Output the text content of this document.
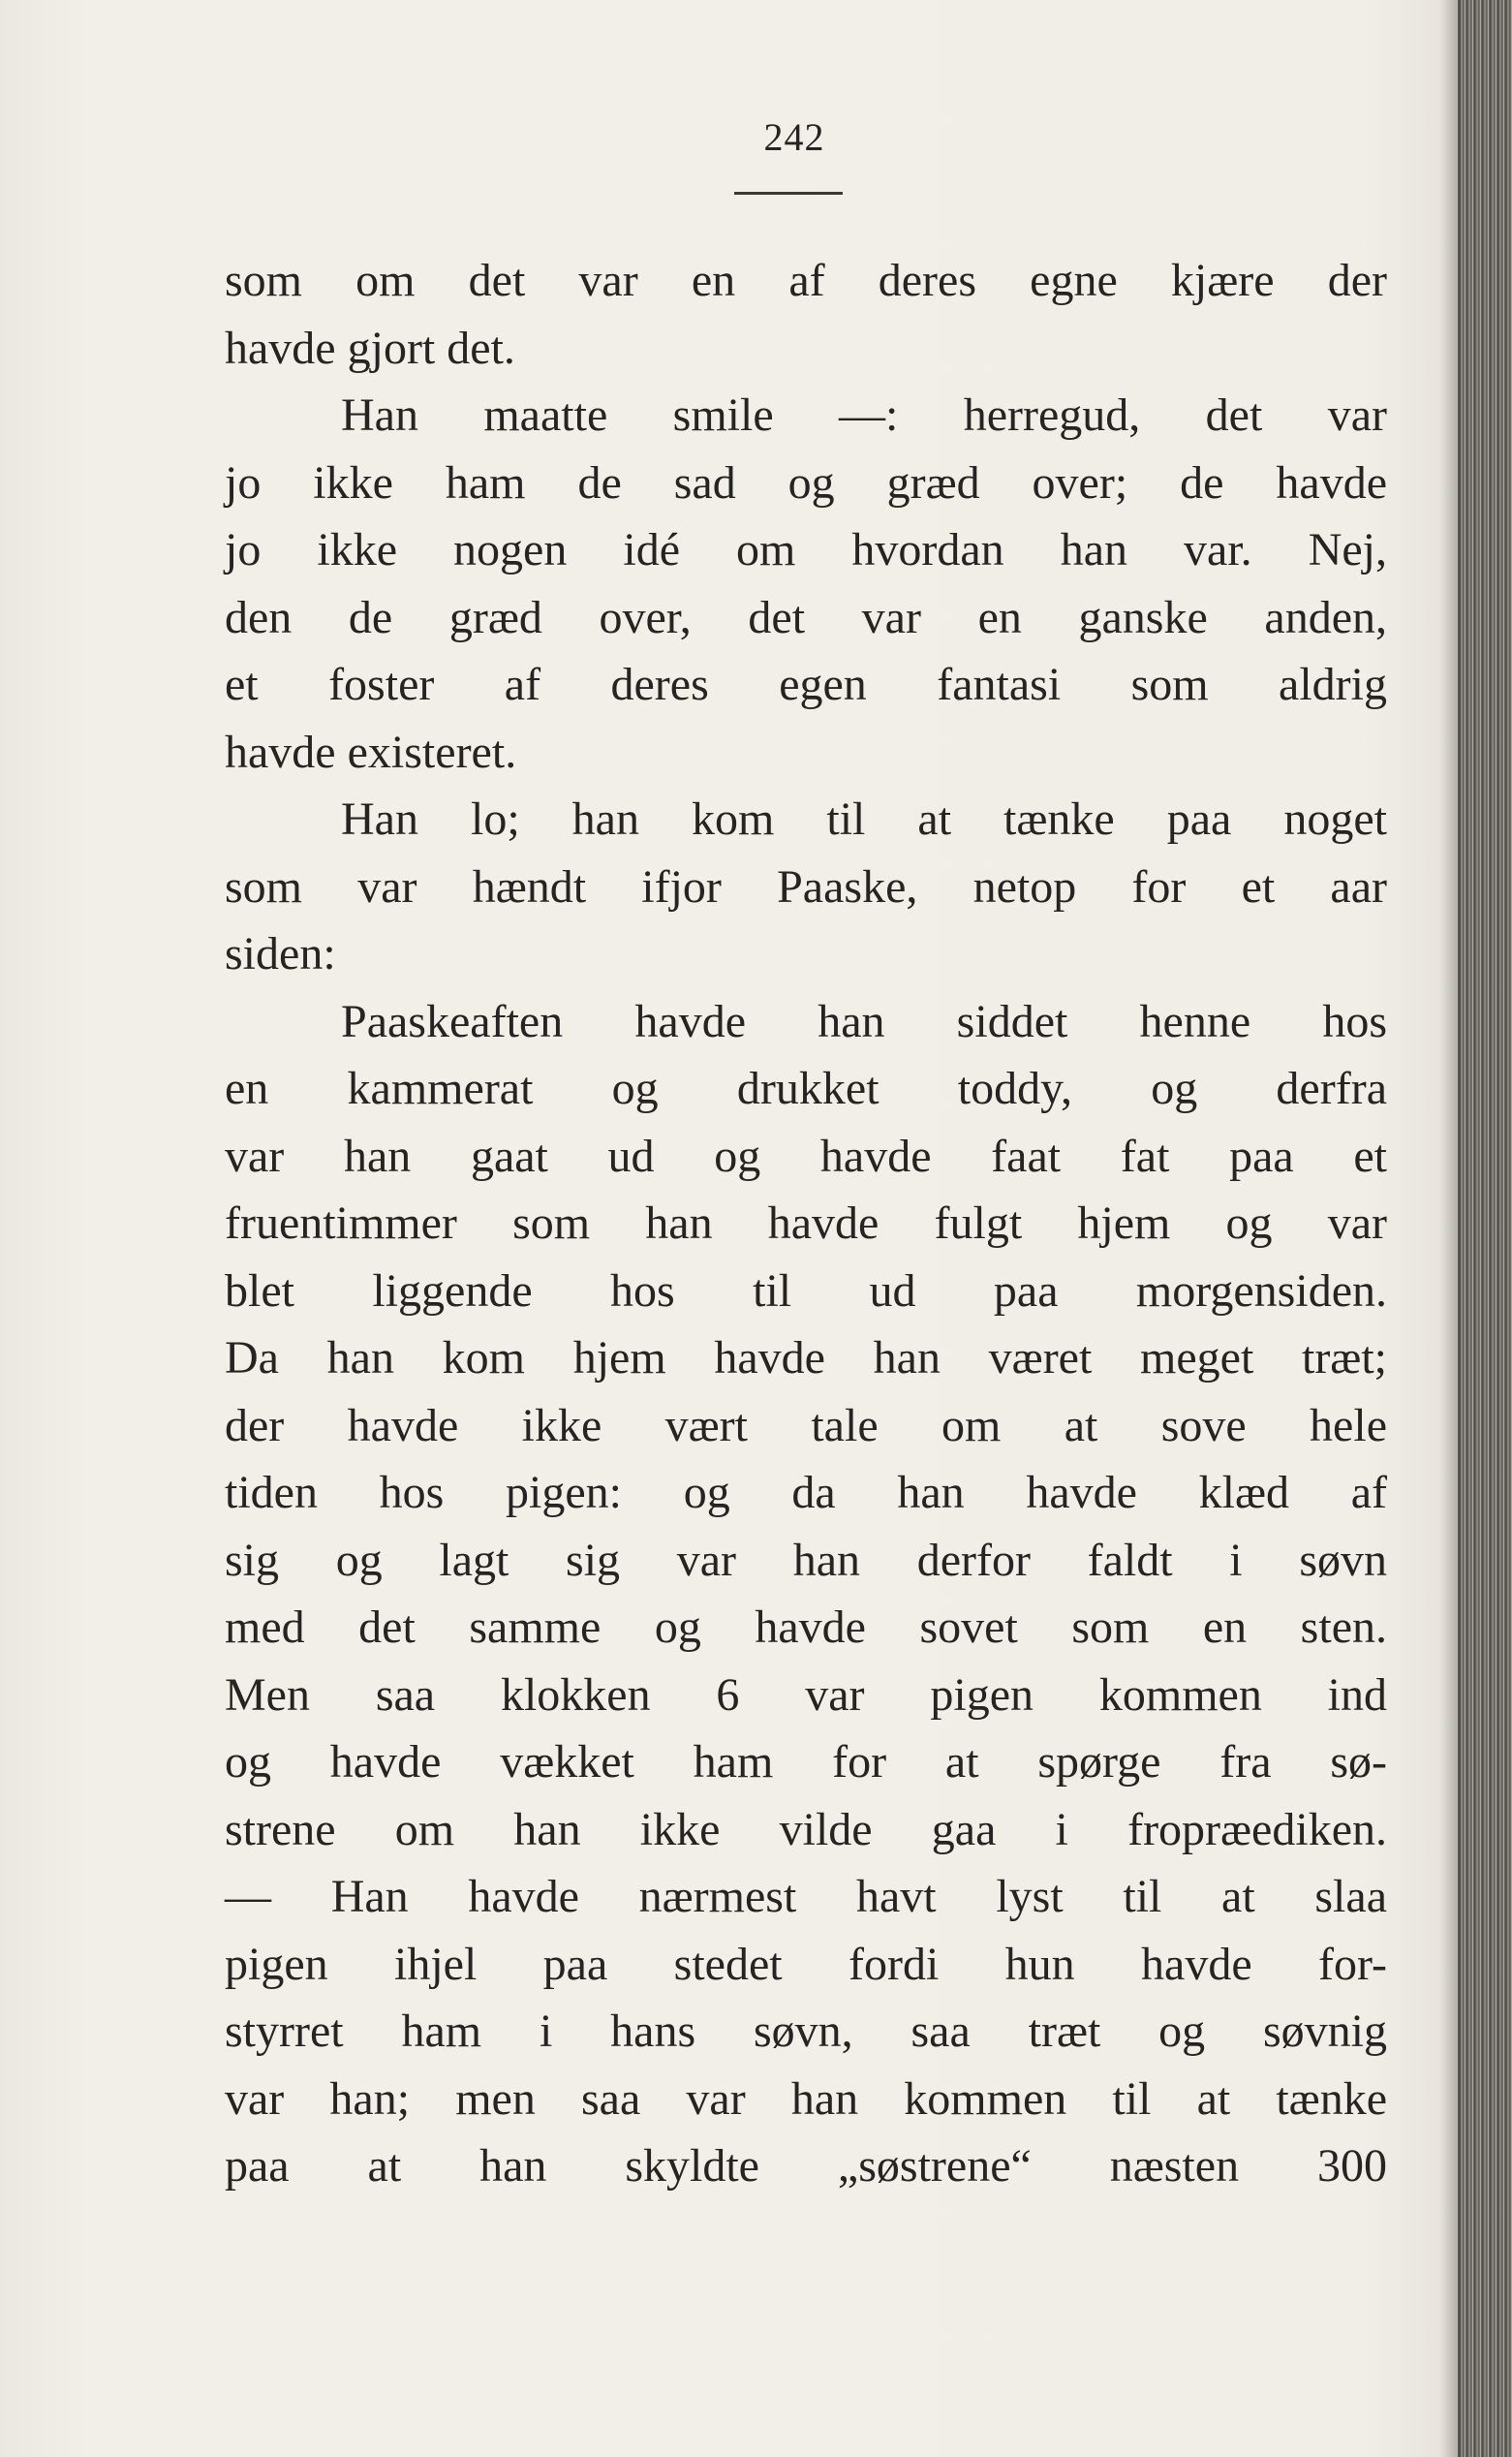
242
som om det var en af deres egne kjære der
havde gjort det.
Han maatte smile —: herregud, det var
jo ikke ham de sad og græd over; de havde
jo ikke nogen idé om hvordan han var. Nej,
den de græd over, det var en ganske anden,
et foster af deres egen fantasi som aldrig
havde existeret.
Han lo; han kom til at tænke paa noget
som var hændt ifjor Paaske, netop for et aar
siden:
Paaskeaften havde han siddet henne hos
en kammerat og drukket toddy, og derfra
var han gaat ud og havde faat fat paa et
fruentimmer som han havde fulgt hjem og var
blet liggende hos til ud paa morgensiden.
Da han kom hjem havde han været meget træt;
der havde ikke vært tale om at sove hele
tiden hos pigen: og da han havde klæd af
sig og lagt sig var han derfor faldt i søvn
med det samme og havde sovet som en sten.
Men saa klokken 6 var pigen kommen ind
og havde vækket ham for at spørge fra sø-
strene om han ikke vilde gaa i fropræediken.
— Han havde nærmest havt lyst til at slaa
pigen ihjel paa stedet fordi hun havde for-
styrret ham i hans søvn, saa træt og søvnig
var han; men saa var han kommen til at tænke
paa at han skyldte „søstrene“ næsten 300
